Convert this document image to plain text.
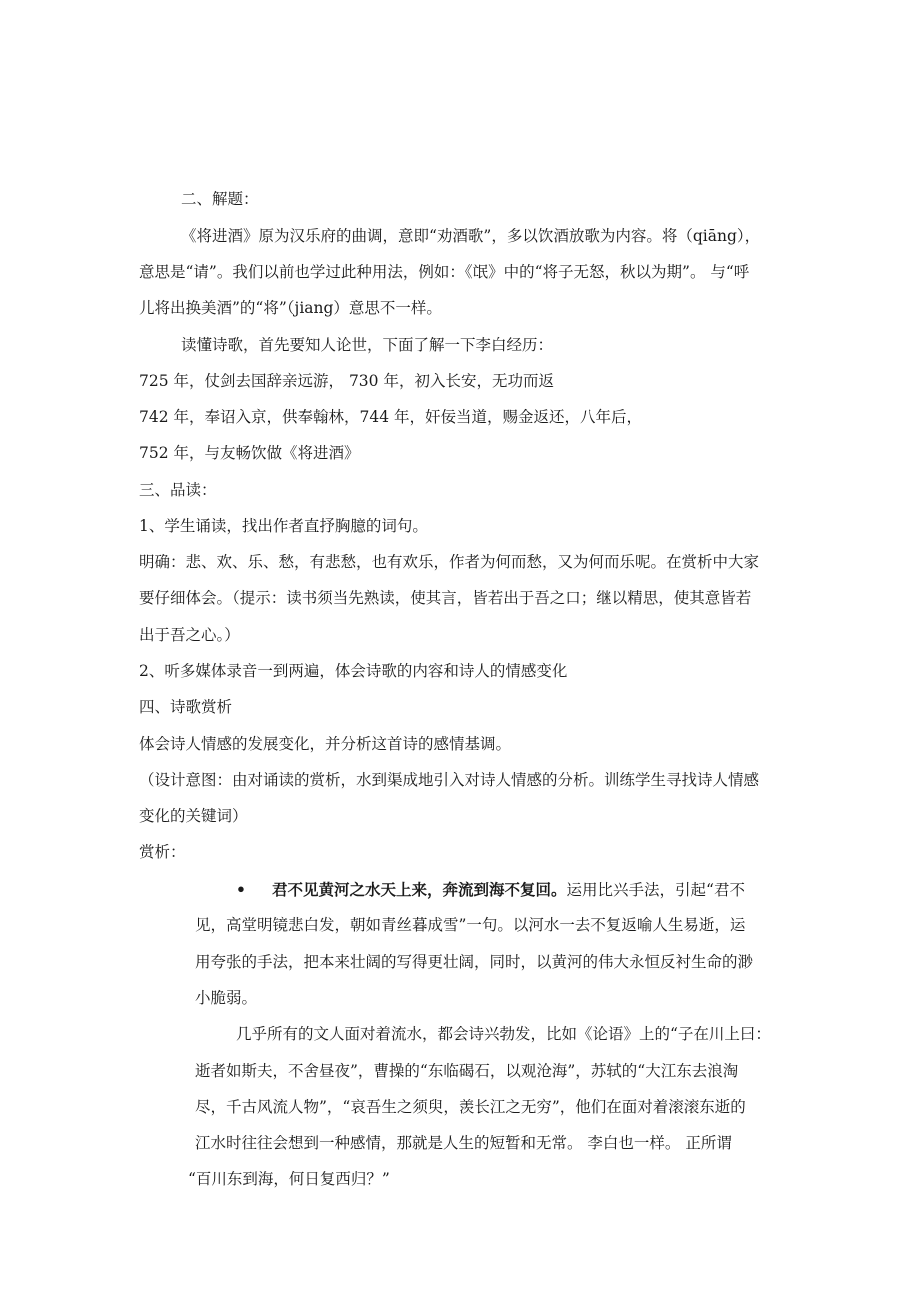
二、解题：
《将进酒》原为汉乐府的曲调，意即“劝酒歌”，多以饮酒放歌为内容。将（qiāng），
意思是“请”。我们以前也学过此种用法，例如：《氓》中的“将子无怒，秋以为期”。 与“呼
儿将出换美酒”的“将”（jiang）意思不一样。
读懂诗歌，首先要知人论世，下面了解一下李白经历：
725 年，仗剑去国辞亲远游， 730 年，初入长安，无功而返
742 年，奉诏入京，供奉翰林，744 年，奸佞当道，赐金返还，八年后，
752 年，与友畅饮做《将进酒》
三、品读：
1、学生诵读，找出作者直抒胸臆的词句。
明确：悲、欢、乐、愁，有悲愁，也有欢乐，作者为何而愁，又为何而乐呢。在赏析中大家
要仔细体会。（提示：读书须当先熟读，使其言，皆若出于吾之口；继以精思，使其意皆若
出于吾之心。）
2、听多媒体录音一到两遍，体会诗歌的内容和诗人的情感变化
四、诗歌赏析
体会诗人情感的发展变化，并分析这首诗的感情基调。
（设计意图：由对诵读的赏析，水到渠成地引入对诗人情感的分析。训练学生寻找诗人情感
变化的关键词）
赏析：
• 君不见黄河之水天上来，奔流到海不复回。运用比兴手法，引起“君不
见，高堂明镜悲白发，朝如青丝暮成雪”一句。以河水一去不复返喻人生易逝，运
用夸张的手法，把本来壮阔的写得更壮阔，同时，以黄河的伟大永恒反衬生命的渺
小脆弱。
几乎所有的文人面对着流水，都会诗兴勃发，比如《论语》上的“子在川上曰：
逝者如斯夫，不舍昼夜”，曹操的“东临碣石，以观沧海”，苏轼的“大江东去浪淘
尽，千古风流人物”，“哀吾生之须臾，羡长江之无穷”，他们在面对着滚滚东逝的
江水时往往会想到一种感情，那就是人生的短暂和无常。 李白也一样。 正所谓
“百川东到海，何日复西归？”
